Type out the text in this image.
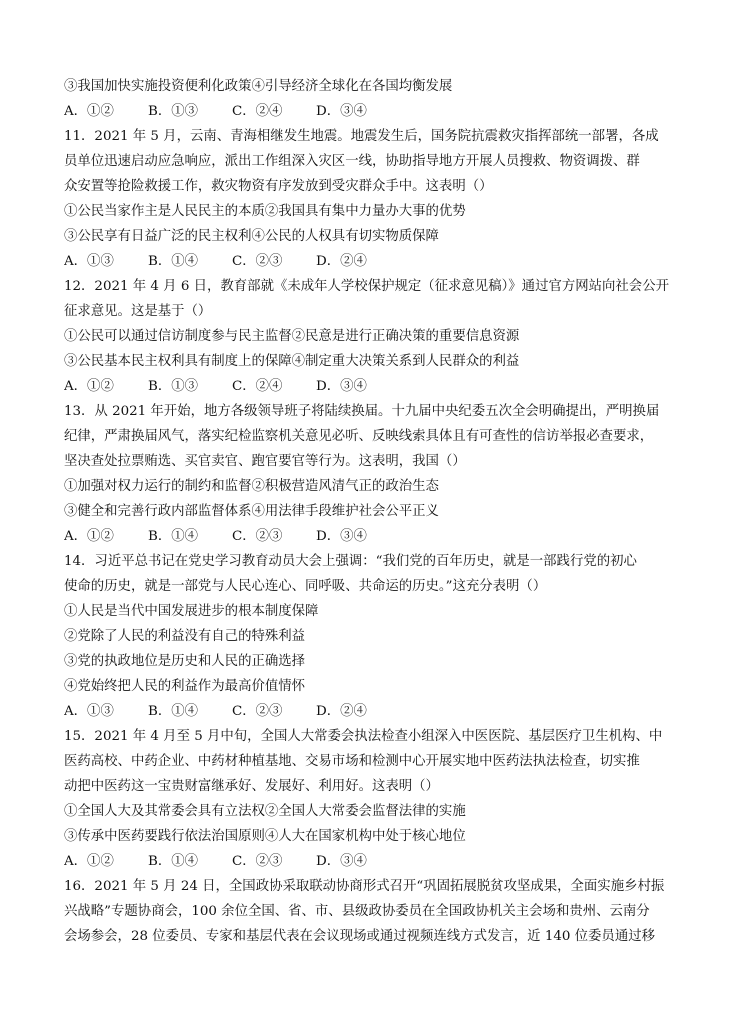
③我国加快实施投资便利化政策④引导经济全球化在各国均衡发展
A．①②	B．①③	C．②④	D．③④
11．2021 年 5 月，云南、青海相继发生地震。地震发生后，国务院抗震救灾指挥部统一部署，各成
员单位迅速启动应急响应，派出工作组深入灾区一线，协助指导地方开展人员搜救、物资调拨、群
众安置等抢险救援工作，救灾物资有序发放到受灾群众手中。这表明（）
①公民当家作主是人民民主的本质②我国具有集中力量办大事的优势
③公民享有日益广泛的民主权利④公民的人权具有切实物质保障
A．①③	B．①④	C．②③	D．②④
12．2021 年 4 月 6 日，教育部就《未成年人学校保护规定（征求意见稿）》通过官方网站向社会公开
征求意见。这是基于（）
①公民可以通过信访制度参与民主监督②民意是进行正确决策的重要信息资源
③公民基本民主权利具有制度上的保障④制定重大决策关系到人民群众的利益
A．①②	B．①③	C．②④	D．③④
13．从 2021 年开始，地方各级领导班子将陆续换届。十九届中央纪委五次全会明确提出，严明换届
纪律，严肃换届风气，落实纪检监察机关意见必听、反映线索具体且有可查性的信访举报必查要求，
坚决查处拉票贿选、买官卖官、跑官要官等行为。这表明，我国（）
①加强对权力运行的制约和监督②积极营造风清气正的政治生态
③健全和完善行政内部监督体系④用法律手段维护社会公平正义
A．①②	B．①④	C．②③	D．③④
14．习近平总书记在党史学习教育动员大会上强调：“我们党的百年历史，就是一部践行党的初心
使命的历史，就是一部党与人民心连心、同呼吸、共命运的历史。”这充分表明（）
①人民是当代中国发展进步的根本制度保障
②党除了人民的利益没有自己的特殊利益
③党的执政地位是历史和人民的正确选择
④党始终把人民的利益作为最高价值情怀
A．①③	B．①④	C．②③	D．②④
15．2021 年 4 月至 5 月中旬，全国人大常委会执法检查小组深入中医医院、基层医疗卫生机构、中
医药高校、中药企业、中药材种植基地、交易市场和检测中心开展实地中医药法执法检查，切实推
动把中医药这一宝贵财富继承好、发展好、利用好。这表明（）
①全国人大及其常委会具有立法权②全国人大常委会监督法律的实施
③传承中医药要践行依法治国原则④人大在国家机构中处于核心地位
A．①②	B．①④	C．②③	D．③④
16．2021 年 5 月 24 日，全国政协采取联动协商形式召开“巩固拓展脱贫攻坚成果，全面实施乡村振
兴战略”专题协商会，100 余位全国、省、市、县级政协委员在全国政协机关主会场和贵州、云南分
会场参会，28 位委员、专家和基层代表在会议现场或通过视频连线方式发言，近 140 位委员通过移
